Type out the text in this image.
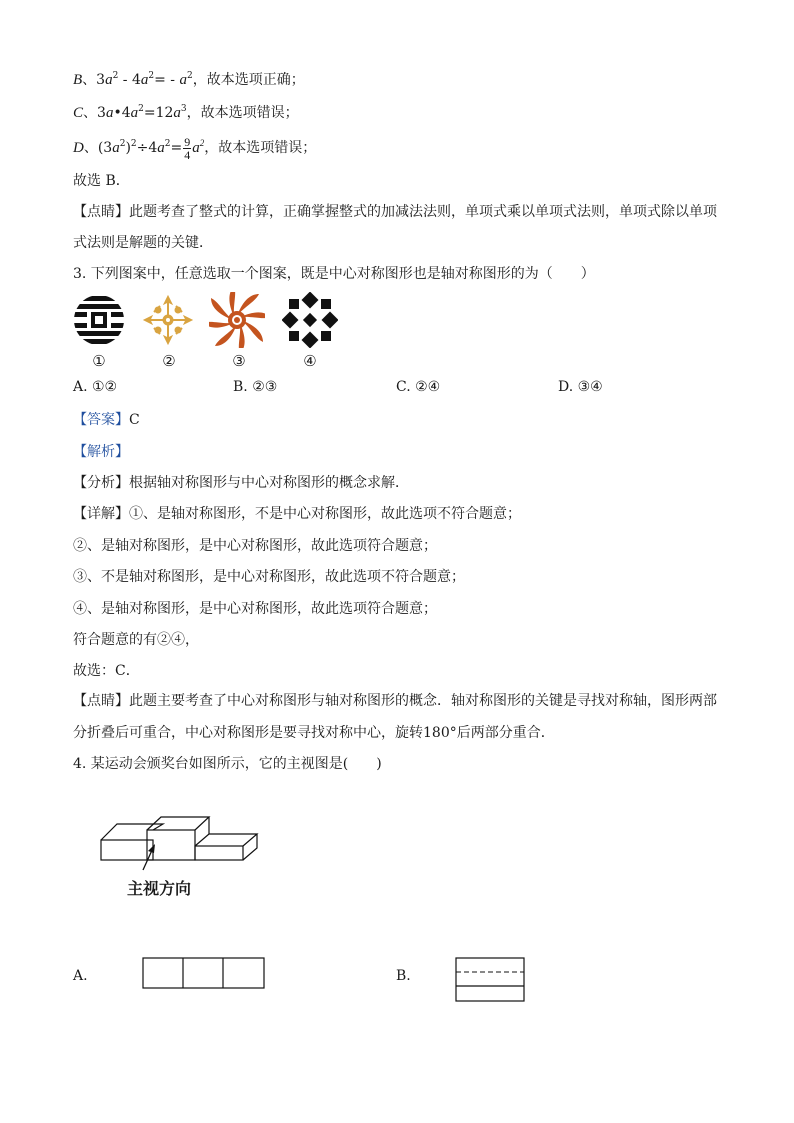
B、$3a^2 - 4a^2= - a^2$，故本选项正确；
C、$3a•4a^2=12a^3$，故本选项错误；
D、$(3a^2)^2\div 4a^2= \frac{9}{4} a^2$，故本选项错误；
故选 B．
【点睛】此题考查了整式的计算，正确掌握整式的加减法法则，单项式乘以单项式法则，单项式除以单项
式法则是解题的关键．
3. 下列图案中，任意选取一个图案，既是中心对称图形也是轴对称图形的为（　　）
①	②	③	④
A. ①②	B. ②③	C. ②④	D. ③④
【答案】C
【解析】
【分析】根据轴对称图形与中心对称图形的概念求解．
【详解】①、是轴对称图形，不是中心对称图形，故此选项不符合题意；
②、是轴对称图形，是中心对称图形，故此选项符合题意；
③、不是轴对称图形，是中心对称图形，故此选项不符合题意；
④、是轴对称图形，是中心对称图形，故此选项符合题意；
符合题意的有②④，
故选：C．
【点睛】此题主要考查了中心对称图形与轴对称图形的概念．轴对称图形的关键是寻找对称轴，图形两部
分折叠后可重合，中心对称图形是要寻找对称中心，旋转180°后两部分重合．
4. 某运动会颁奖台如图所示，它的主视图是(　　)
主视方向
A.	B.
